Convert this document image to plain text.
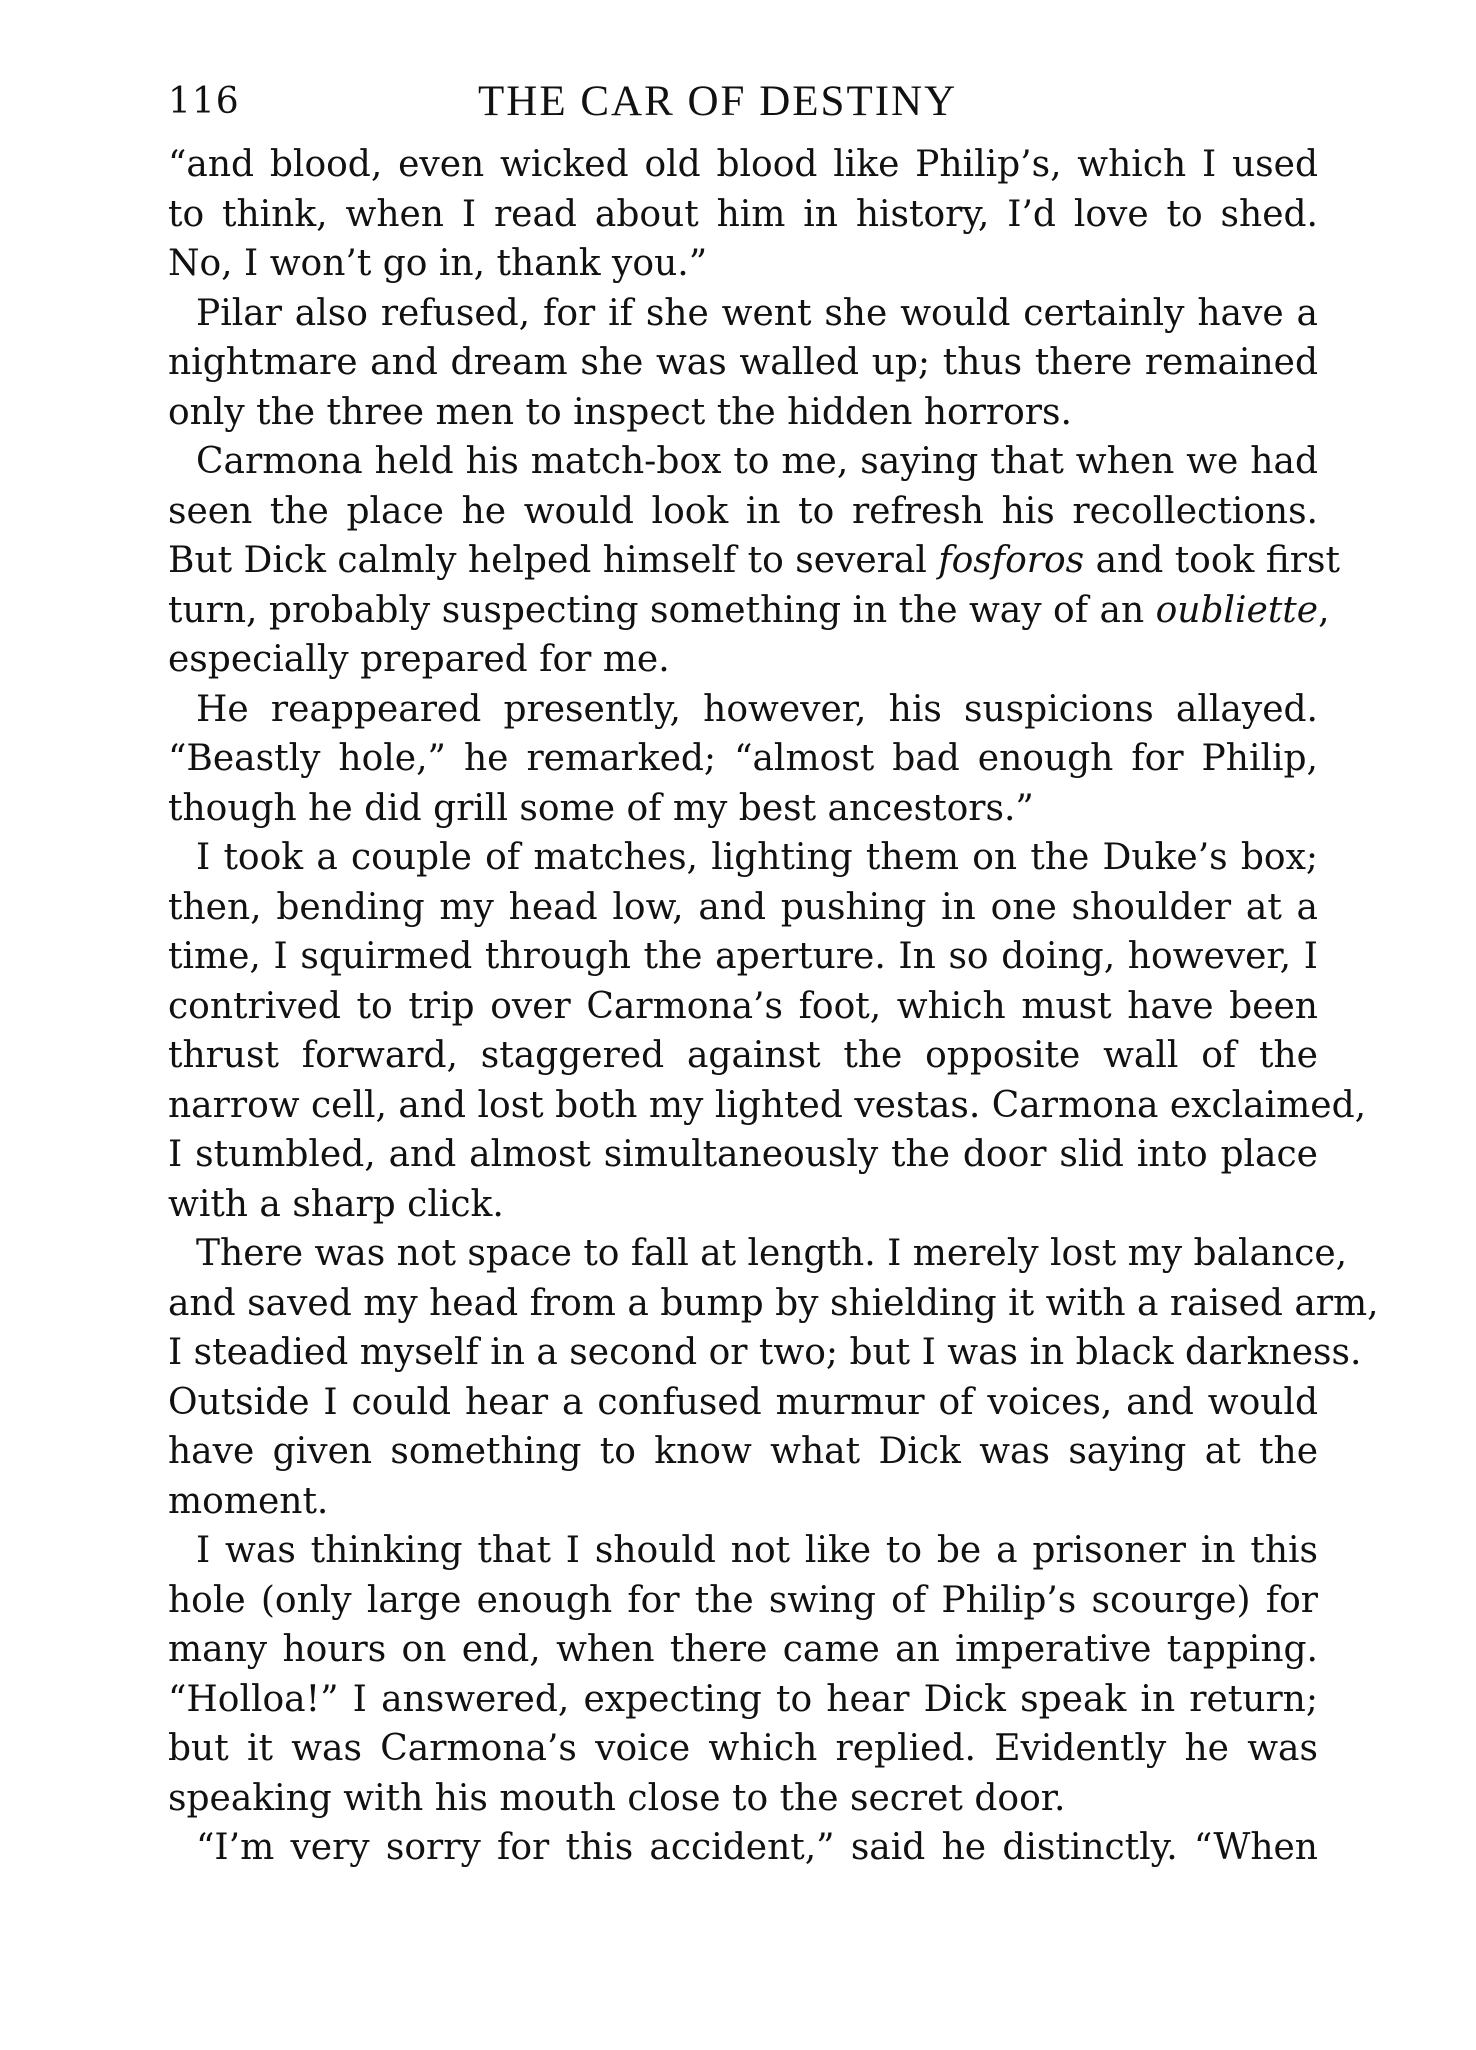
116	THE CAR OF DESTINY
“and blood, even wicked old blood like Philip’s, which I used
to think, when I read about him in history, I’d love to shed.
No, I won’t go in, thank you.”
Pilar also refused, for if she went she would certainly have a
nightmare and dream she was walled up; thus there remained
only the three men to inspect the hidden horrors.
Carmona held his match-box to me, saying that when we had
seen the place he would look in to refresh his recollections.
But Dick calmly helped himself to several fosforos and took first
turn, probably suspecting something in the way of an oubliette,
especially prepared for me.
He reappeared presently, however, his suspicions allayed.
“Beastly hole,” he remarked; “almost bad enough for Philip,
though he did grill some of my best ancestors.”
I took a couple of matches, lighting them on the Duke’s box;
then, bending my head low, and pushing in one shoulder at a
time, I squirmed through the aperture. In so doing, however, I
contrived to trip over Carmona’s foot, which must have been
thrust forward, staggered against the opposite wall of the
narrow cell, and lost both my lighted vestas. Carmona exclaimed,
I stumbled, and almost simultaneously the door slid into place
with a sharp click.
There was not space to fall at length. I merely lost my balance,
and saved my head from a bump by shielding it with a raised arm,
I steadied myself in a second or two; but I was in black darkness.
Outside I could hear a confused murmur of voices, and would
have given something to know what Dick was saying at the
moment.
I was thinking that I should not like to be a prisoner in this
hole (only large enough for the swing of Philip’s scourge) for
many hours on end, when there came an imperative tapping.
“Holloa!” I answered, expecting to hear Dick speak in return;
but it was Carmona’s voice which replied. Evidently he was
speaking with his mouth close to the secret door.
“I’m very sorry for this accident,” said he distinctly. “When
